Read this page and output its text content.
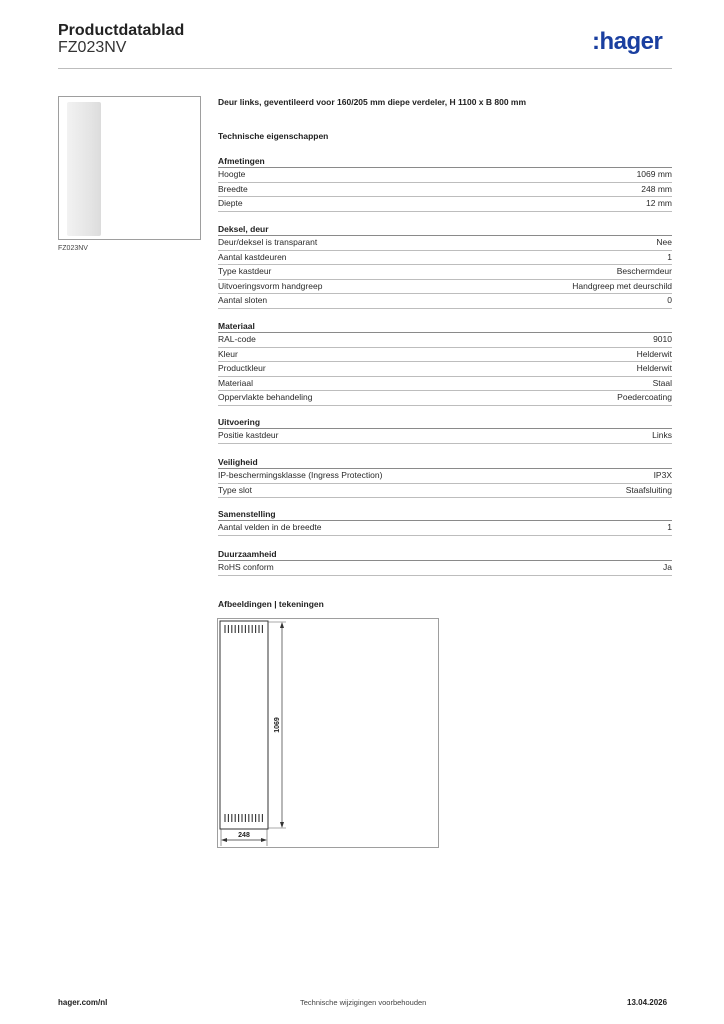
Productdatablad
FZ023NV	:hager
FZ023NV
Deur links, geventileerd voor 160/205 mm diepe verdeler, H 1100 x B 800 mm
Technische eigenschappen
Afmetingen
Hoogte	1069 mm
Breedte	248 mm
Diepte	12 mm
Deksel, deur
Deur/deksel is transparant	Nee
Aantal kastdeuren	1
Type kastdeur	Beschermdeur
Uitvoeringsvorm handgreep	Handgreep met deurschild
Aantal sloten	0
Materiaal
RAL-code	9010
Kleur	Helderwit
Productkleur	Helderwit
Materiaal	Staal
Oppervlakte behandeling	Poedercoating
Uitvoering
Positie kastdeur	Links
Veiligheid
IP-beschermingsklasse (Ingress Protection)	IP3X
Type slot	Staafsluiting
Samenstelling
Aantal velden in de breedte	1
Duurzaamheid
RoHS conform	Ja
Afbeeldingen | tekeningen
1069
248
hager.com/nl	Technische wijzigingen voorbehouden	13.04.2026
